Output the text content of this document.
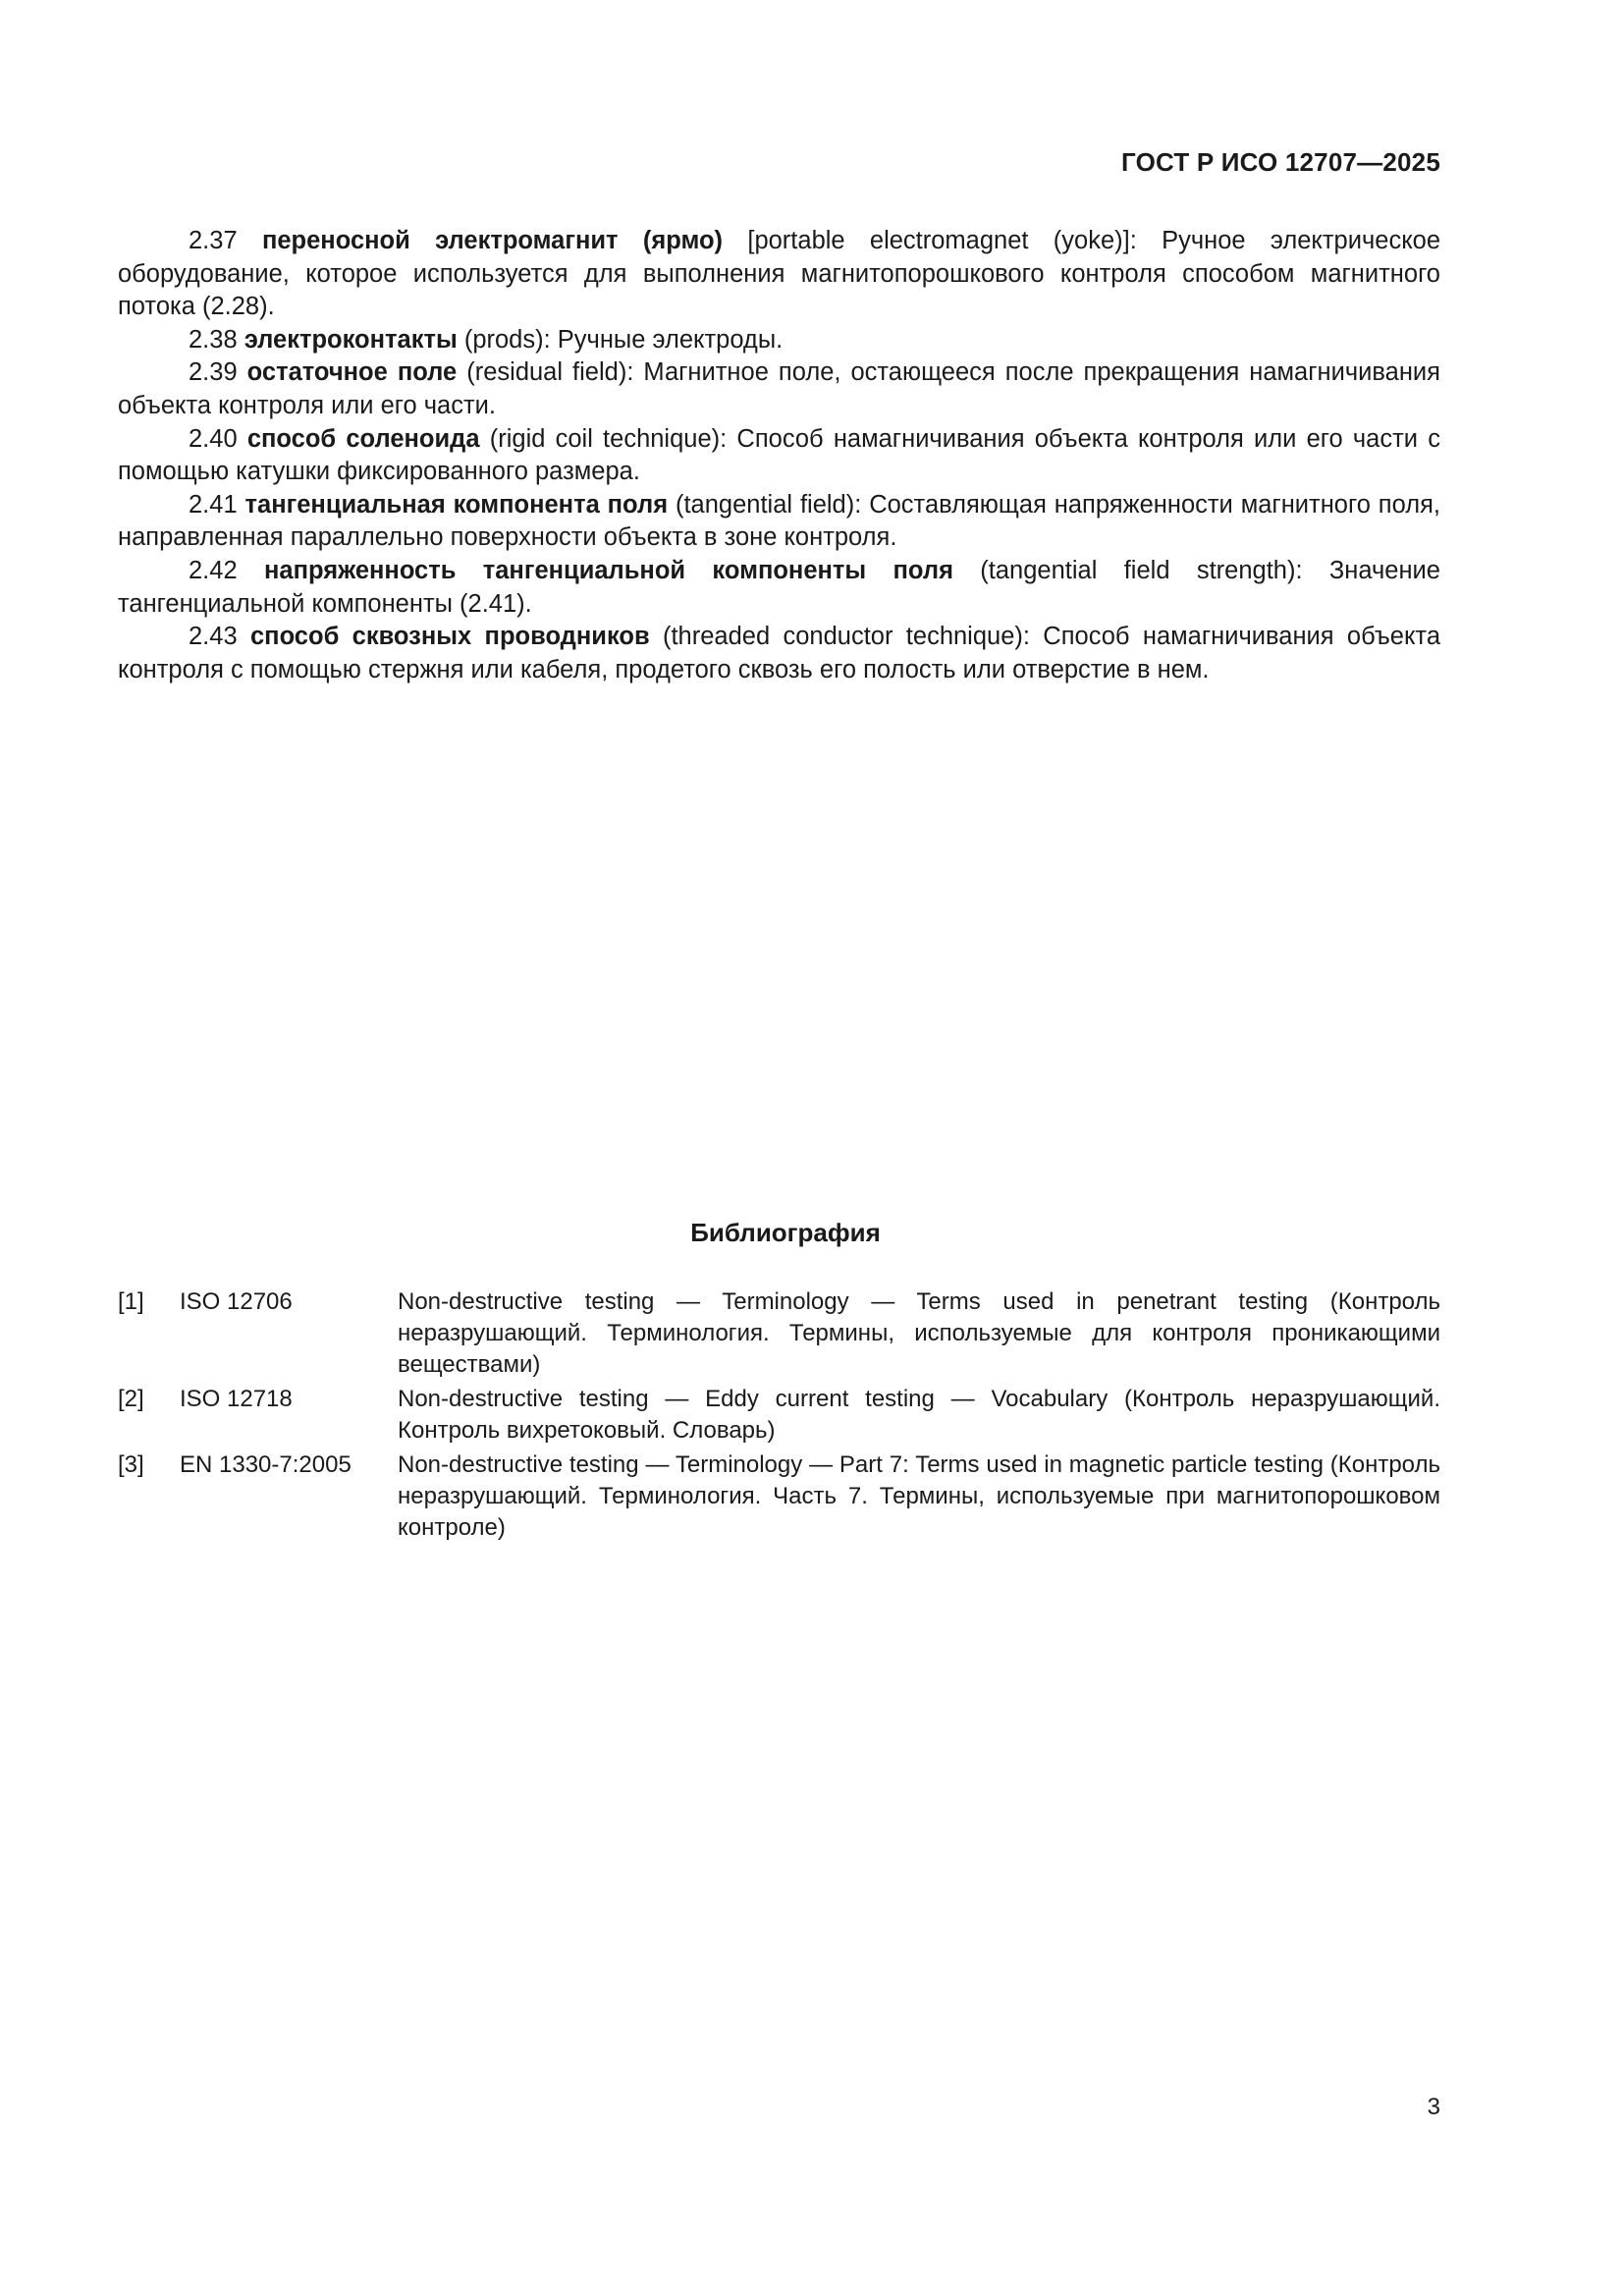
ГОСТ Р ИСО 12707—2025

2.37 переносной электромагнит (ярмо) [portable electromagnet (yoke)]: Ручное электрическое оборудование, которое используется для выполнения магнитопорошкового контроля способом магнитного потока (2.28).

2.38 электроконтакты (prods): Ручные электроды.

2.39 остаточное поле (residual field): Магнитное поле, остающееся после прекращения намагничивания объекта контроля или его части.

2.40 способ соленоида (rigid coil technique): Способ намагничивания объекта контроля или его части с помощью катушки фиксированного размера.

2.41 тангенциальная компонента поля (tangential field): Составляющая напряженности магнитного поля, направленная параллельно поверхности объекта в зоне контроля.

2.42 напряженность тангенциальной компоненты поля (tangential field strength): Значение тангенциальной компоненты (2.41).

2.43 способ сквозных проводников (threaded conductor technique): Способ намагничивания объекта контроля с помощью стержня или кабеля, продетого сквозь его полость или отверстие в нем.

Библиография
[1]	ISO 12706	Non-destructive testing — Terminology — Terms used in penetrant testing (Контроль неразрушающий. Терминология. Термины, используемые для контроля проникающими веществами)
[2]	ISO 12718	Non-destructive testing — Eddy current testing — Vocabulary (Контроль неразрушающий. Контроль вихретоковый. Словарь)
[3]	EN 1330-7:2005	Non-destructive testing — Terminology — Part 7: Terms used in magnetic particle testing (Контроль неразрушающий. Терминология. Часть 7. Термины, используемые при магнитопорошковом контроле)
3
